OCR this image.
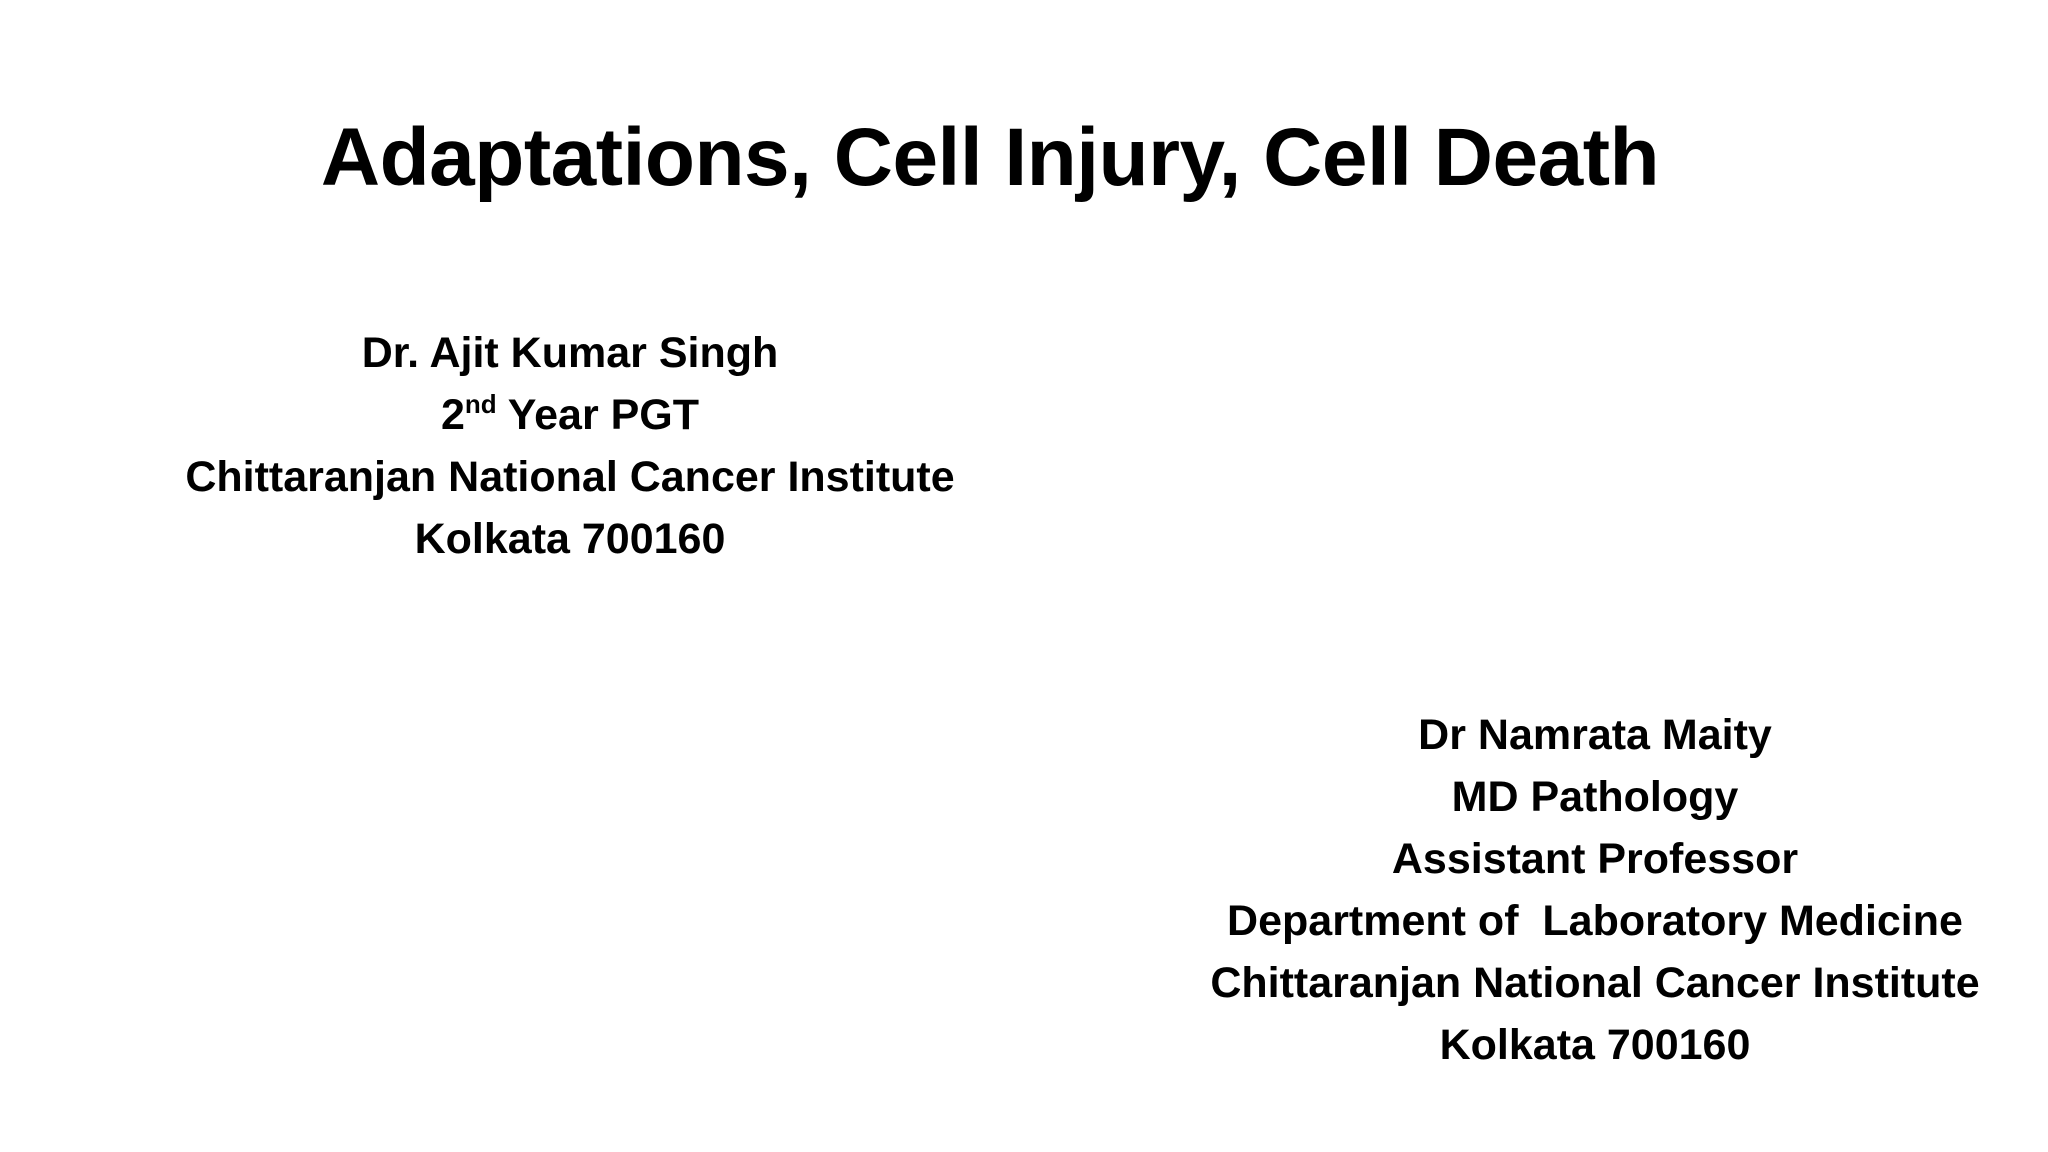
Adaptations, Cell Injury, Cell Death
Dr. Ajit Kumar Singh
2nd Year PGT
Chittaranjan National Cancer Institute
Kolkata 700160
Dr Namrata Maity
MD Pathology
Assistant Professor
Department of  Laboratory Medicine
Chittaranjan National Cancer Institute
Kolkata 700160
